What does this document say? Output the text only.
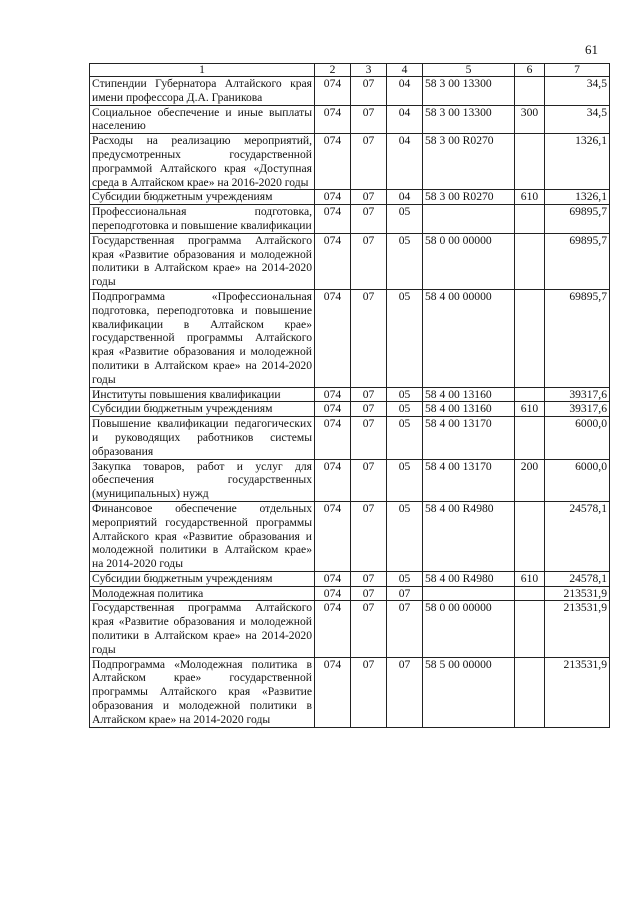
61
1	2	3	4	5	6	7
Стипендии Губернатора Алтайского края имени профессора Д.А. Граникова	074	07	04	58 3 00 13300		34,5
Социальное обеспечение и иные выплаты населению	074	07	04	58 3 00 13300	300	34,5
Расходы на реализацию мероприятий, предусмотренных государственной программой Алтайского края «Доступная среда в Алтайском крае» на 2016-2020 годы	074	07	04	58 3 00 R0270		1326,1
Субсидии бюджетным учреждениям	074	07	04	58 3 00 R0270	610	1326,1
Профессиональная подготовка, переподготовка и повышение квалификации	074	07	05			69895,7
Государственная программа Алтайского края «Развитие образования и молодежной политики в Алтайском крае» на 2014-2020 годы	074	07	05	58 0 00 00000		69895,7
Подпрограмма «Профессиональная подготовка, переподготовка и повышение квалификации в Алтайском крае» государственной программы Алтайского края «Развитие образования и молодежной политики в Алтайском крае» на 2014-2020 годы	074	07	05	58 4 00 00000		69895,7
Институты повышения квалификации	074	07	05	58 4 00 13160		39317,6
Субсидии бюджетным учреждениям	074	07	05	58 4 00 13160	610	39317,6
Повышение квалификации педагогических и руководящих работников системы образования	074	07	05	58 4 00 13170		6000,0
Закупка товаров, работ и услуг для обеспечения государственных (муниципальных) нужд	074	07	05	58 4 00 13170	200	6000,0
Финансовое обеспечение отдельных мероприятий государственной программы Алтайского края «Развитие образования и молодежной политики в Алтайском крае» на 2014-2020 годы	074	07	05	58 4 00 R4980		24578,1
Субсидии бюджетным учреждениям	074	07	05	58 4 00 R4980	610	24578,1
Молодежная политика	074	07	07			213531,9
Государственная программа Алтайского края «Развитие образования и молодежной политики в Алтайском крае» на 2014-2020 годы	074	07	07	58 0 00 00000		213531,9
Подпрограмма «Молодежная политика в Алтайском крае» государственной программы Алтайского края «Развитие образования и молодежной политики в Алтайском крае» на 2014-2020 годы	074	07	07	58 5 00 00000		213531,9
